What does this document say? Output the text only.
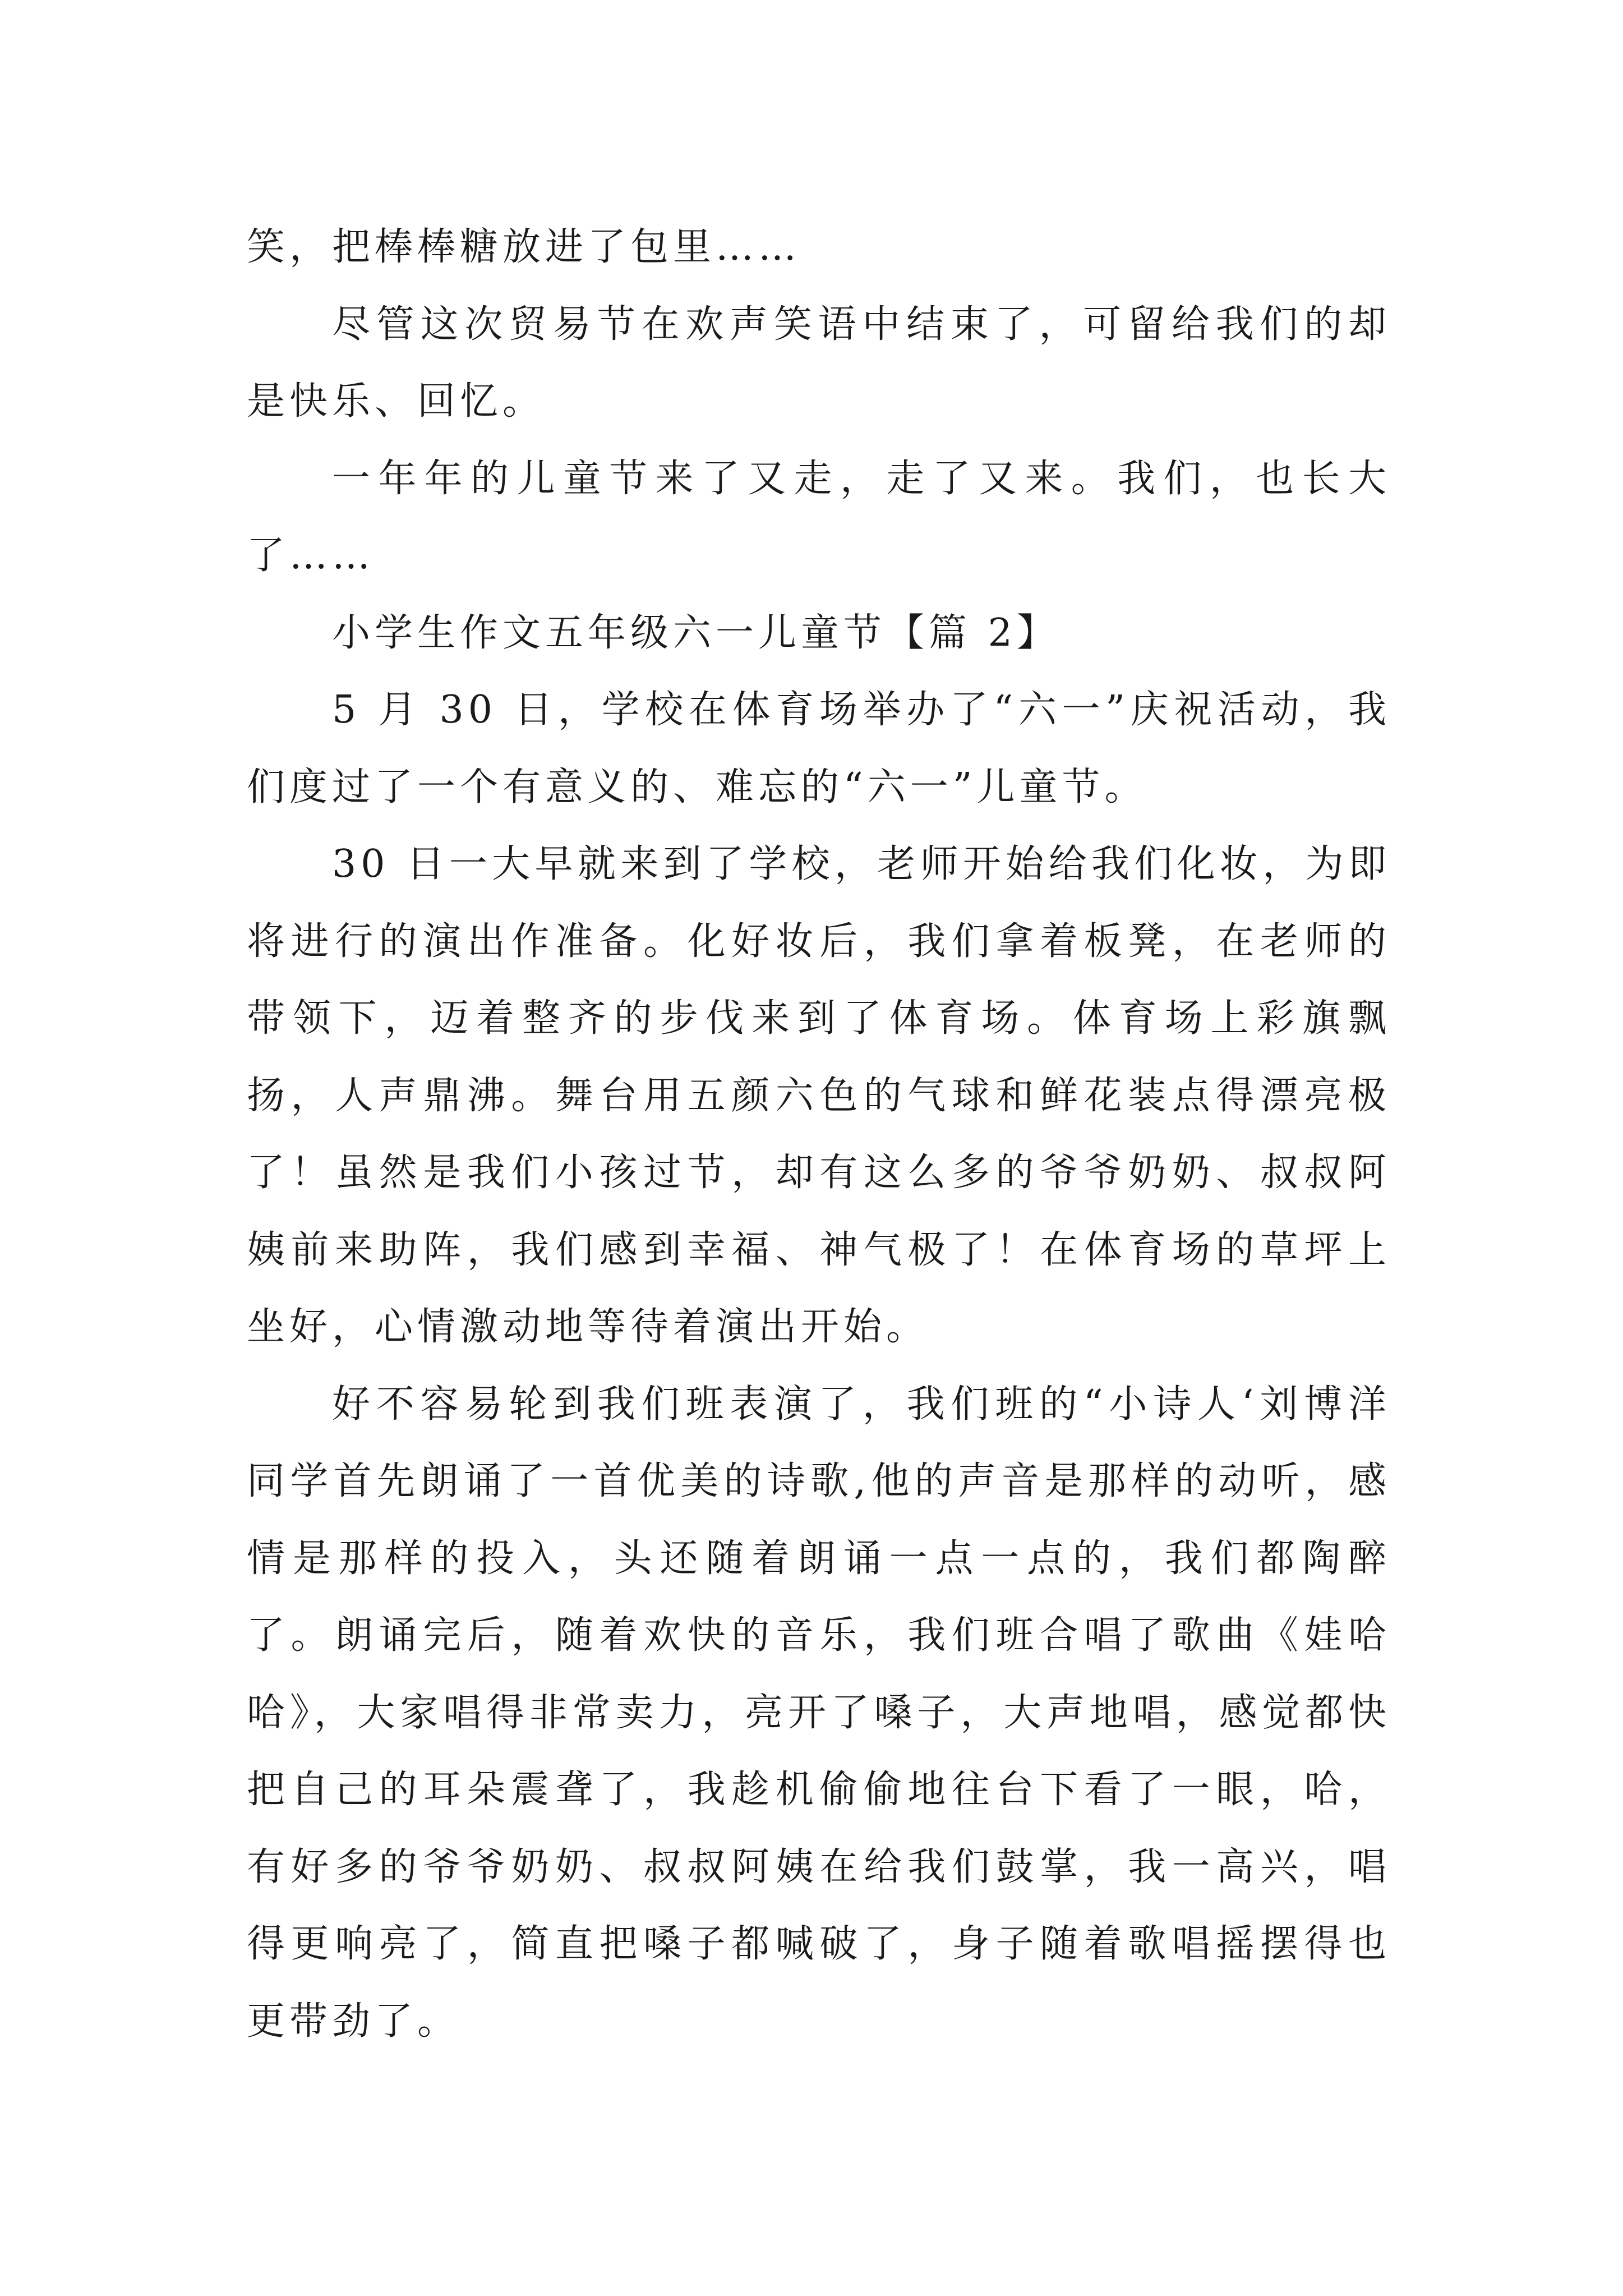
笑，把棒棒糖放进了包里……

尽管这次贸易节在欢声笑语中结束了，可留给我们的却是快乐、回忆。

一年年的儿童节来了又走，走了又来。我们，也长大了……

小学生作文五年级六一儿童节【篇 2】

5 月 30 日，学校在体育场举办了“六一”庆祝活动，我们度过了一个有意义的、难忘的“六一”儿童节。

30 日一大早就来到了学校，老师开始给我们化妆，为即将进行的演出作准备。化好妆后，我们拿着板凳，在老师的带领下，迈着整齐的步伐来到了体育场。体育场上彩旗飘扬，人声鼎沸。舞台用五颜六色的气球和鲜花装点得漂亮极了！虽然是我们小孩过节，却有这么多的爷爷奶奶、叔叔阿姨前来助阵，我们感到幸福、神气极了！在体育场的草坪上坐好，心情激动地等待着演出开始。

好不容易轮到我们班表演了，我们班的“小诗人‘刘博洋同学首先朗诵了一首优美的诗歌,他的声音是那样的动听，感情是那样的投入，头还随着朗诵一点一点的，我们都陶醉了。朗诵完后，随着欢快的音乐，我们班合唱了歌曲《娃哈哈》，大家唱得非常卖力，亮开了嗓子，大声地唱，感觉都快把自己的耳朵震聋了，我趁机偷偷地往台下看了一眼，哈，有好多的爷爷奶奶、叔叔阿姨在给我们鼓掌，我一高兴，唱得更响亮了，简直把嗓子都喊破了，身子随着歌唱摇摆得也更带劲了。
